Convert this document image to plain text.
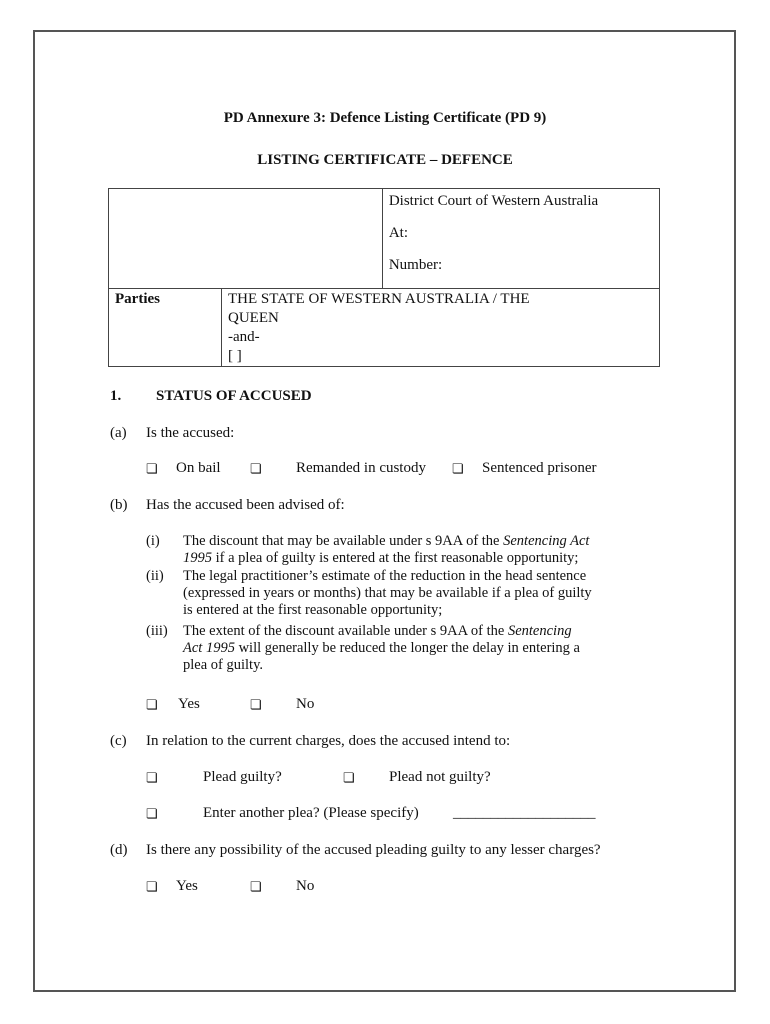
PD Annexure 3: Defence Listing Certificate (PD 9)
LISTING CERTIFICATE – DEFENCE

		District Court of Western Australia
At:
Number:

Parties	THE STATE OF WESTERN AUSTRALIA / THE
QUEEN
-and-
[ ]	
1. STATUS OF ACCUSED
(a) Is the accused:
❏ On bail ❏ Remanded in custody ❏ Sentenced prisoner
(b) Has the accused been advised of:
(i) The discount that may be available under s 9AA of the Sentencing Act
1995 if a plea of guilty is entered at the first reasonable opportunity;
(ii) The legal practitioner’s estimate of the reduction in the head sentence
(expressed in years or months) that may be available if a plea of guilty
is entered at the first reasonable opportunity;
(iii) The extent of the discount available under s 9AA of the Sentencing
Act 1995 will generally be reduced the longer the delay in entering a
plea of guilty.
❏ Yes	❏ No
(c) In relation to the current charges, does the accused intend to:
❏	Plead guilty?	❏ Plead not guilty?
❏	Enter another plea? (Please specify) ___________________
(d) Is there any possibility of the accused pleading guilty to any lesser charges?
❏ Yes	❏ No
